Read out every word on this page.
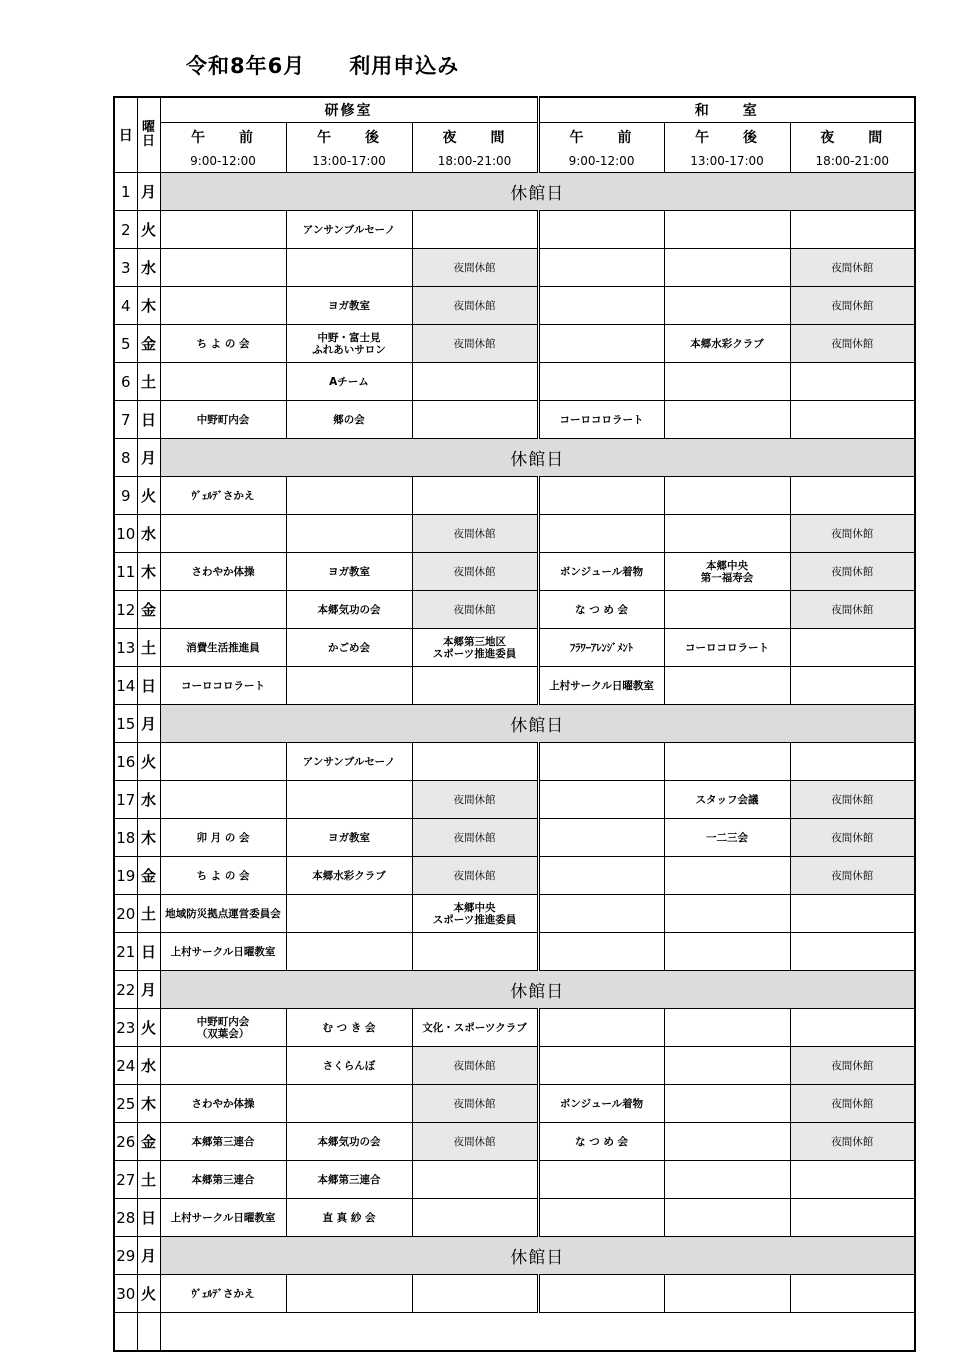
令和8年6月　　利用申込み
日	曜
日	研修室			和　　室		
		午　　前	午　　後	夜　　間	午　　前	午　　後	夜　　間
		9:00-12:00	13:00-17:00	18:00-21:00	9:00-12:00	13:00-17:00	18:00-21:00
1	月	休館日					
2	火		アンサンブルセーノ				

3	水			夜間休館			夜間休館

4	木		ヨガ教室	夜間休館			夜間休館

5	金	ち よ の 会	中野・富士見
ふれあいサロン	夜間休館		本郷水彩クラブ	夜間休館

6	土		Aチーム				

7	日	中野町内会	郷の会		コーロコロラート		

8	月	休館日					
9	火	ｳﾞｪﾙﾃﾞさかえ					

10	水			夜間休館			夜間休館

11	木	さわやか体操	ヨガ教室	夜間休館	ボンジュール着物	本郷中央
第一福寿会	夜間休館

12	金		本郷気功の会	夜間休館	な つ め 会		夜間休館

13	土	消費生活推進員	かごめ会	本郷第三地区
スポーツ推進委員	ﾌﾗﾜｰｱﾚﾝｼﾞﾒﾝﾄ	コーロコロラート	

14	日	コーロコロラート			上村サークル日曜教室		

15	月	休館日					
16	火		アンサンブルセーノ				

17	水			夜間休館		スタッフ会議	夜間休館

18	木	卯 月 の 会	ヨガ教室	夜間休館		一二三会	夜間休館

19	金	ち よ の 会	本郷水彩クラブ	夜間休館			夜間休館

20	土	地域防災拠点運営委員会		本郷中央
スポーツ推進委員			

21	日	上村サークル日曜教室					

22	月	休館日					
23	火	中野町内会
（双葉会）	む つ き 会	文化・スポーツクラブ			

24	水		さくらんぼ	夜間休館			夜間休館

25	木	さわやか体操		夜間休館	ボンジュール着物		夜間休館

26	金	本郷第三連合	本郷気功の会	夜間休館	な つ め 会		夜間休館

27	土	本郷第三連合	本郷第三連合				

28	日	上村サークル日曜教室	直 真 紗 会				

29	月	休館日					
30	火	ｳﾞｪﾙﾃﾞさかえ					
